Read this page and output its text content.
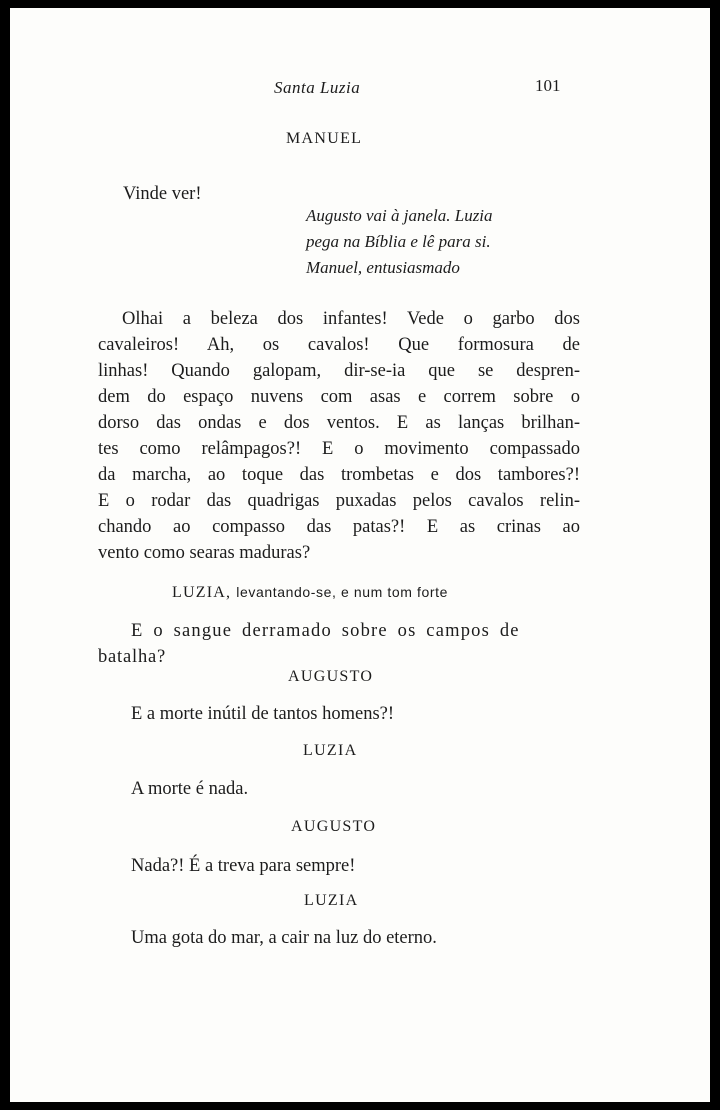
Santa Luzia	101
MANUEL
Vinde ver!
Augusto vai à janela. Luzia
pega na Bíblia e lê para si.
Manuel, entusiasmado
Olhai a beleza dos infantes! Vede o garbo dos
cavaleiros! Ah, os cavalos! Que formosura de
linhas! Quando galopam, dir-se-ia que se despren-
dem do espaço nuvens com asas e correm sobre o
dorso das ondas e dos ventos. E as lanças brilhan-
tes como relâmpagos?! E o movimento compassado
da marcha, ao toque das trombetas e dos tambores?!
E o rodar das quadrigas puxadas pelos cavalos relin-
chando ao compasso das patas?! E as crinas ao
vento como searas maduras?
LUZIA, levantando-se, e num tom forte
E o sangue derramado sobre os campos de
batalha?
AUGUSTO
E a morte inútil de tantos homens?!
LUZIA
A morte é nada.
AUGUSTO
Nada?! É a treva para sempre!
LUZIA
Uma gota do mar, a cair na luz do eterno.
